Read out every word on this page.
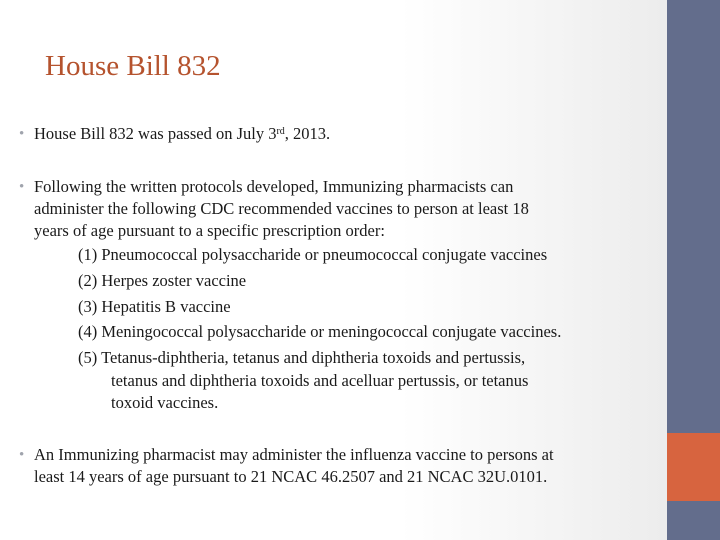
House Bill 832
• House Bill 832 was passed on July 3rd, 2013.
• Following the written protocols developed, Immunizing pharmacists can
administer the following CDC recommended vaccines to person at least 18
years of age pursuant to a specific prescription order:
(1) Pneumococcal polysaccharide or pneumococcal conjugate vaccines
(2) Herpes zoster vaccine
(3) Hepatitis B vaccine
(4) Meningococcal polysaccharide or meningococcal conjugate vaccines.
(5) Tetanus-diphtheria, tetanus and diphtheria toxoids and pertussis,
tetanus and diphtheria toxoids and acelluar pertussis, or tetanus
toxoid vaccines.
• An Immunizing pharmacist may administer the influenza vaccine to persons at
least 14 years of age pursuant to 21 NCAC 46.2507 and 21 NCAC 32U.0101.
